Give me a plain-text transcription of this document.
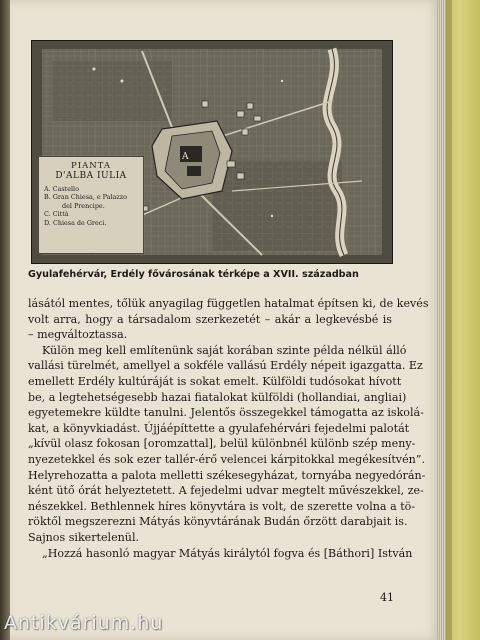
A
PIANTA
D'ALBA IULIA
A. Castello
B. Gran Chiesa, e Palazzo
del Prencipe.
C. Città
D. Chiesa de Greci.
Gyulafehérvár, Erdély fővárosának térképe a XVII. században
lásától mentes, tőlük anyagilag független hatalmat építsen ki, de kevés
volt arra, hogy a társadalom szerkezetét – akár a legkevésbé is
– megváltoztassa.
Külön meg kell említenünk saját korában szinte példa nélkül álló
vallási türelmét, amellyel a sokféle vallású Erdély népeit igazgatta. Ez
emellett Erdély kultúráját is sokat emelt. Külföldi tudósokat hívott
be, a legtehetségesebb hazai fiatalokat külföldi (hollandiai, angliai)
egyetemekre küldte tanulni. Jelentős összegekkel támogatta az iskolá-
kat, a könyvkiadást. Újjáépíttette a gyulafehérvári fejedelmi palotát
„kívül olasz fokosan [oromzattal], belül különbnél különb szép meny-
nyezetekkel és sok ezer tallér-érő velencei kárpitokkal megékesítvén”.
Helyrehozatta a palota melletti székesegyházat, tornyába negyedórán-
ként ütő órát helyeztetett. A fejedelmi udvar megtelt művészekkel, ze-
nészekkel. Bethlennek híres könyvtára is volt, de szerette volna a tö-
röktől megszerezni Mátyás könyvtárának Budán őrzött darabjait is.
Sajnos sikertelenül.
„Hozzá hasonló magyar Mátyás királytól fogva és [Báthori] István
41
Antikvárium.hu
